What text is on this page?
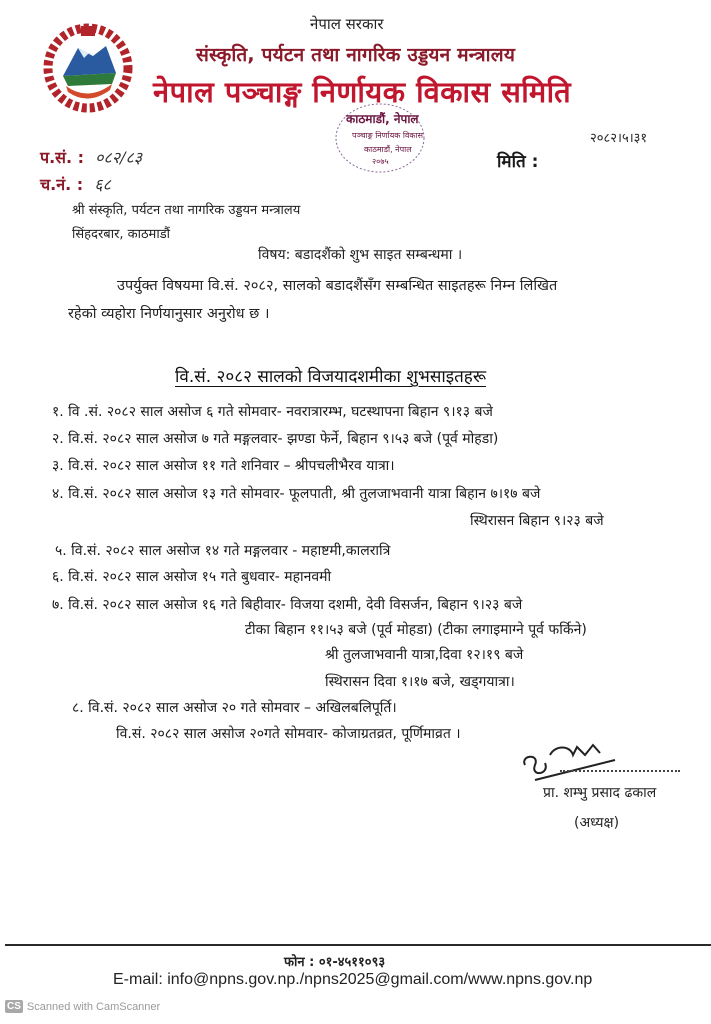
नेपाल सरकार
संस्कृति, पर्यटन तथा नागरिक उड्डयन मन्त्रालय
नेपाल पञ्चाङ्ग निर्णायक विकास समिति
काठमाडौं, नेपाल
पञ्चाङ्ग निर्णायक विकास
काठमाडौं, नेपाल
२०७५
२०८२।५।३१
प.सं. : ०८२/८३
च.नं. : ६८
मिति :
श्री संस्कृति, पर्यटन तथा नागरिक उड्डयन मन्त्रालय
सिंहदरबार, काठमाडौं
विषय: बडादशैंको शुभ साइत सम्बन्धमा ।
उपर्युक्त विषयमा वि.सं. २०८२, सालको बडादशैंसँग सम्बन्धित साइतहरू निम्न लिखित
रहेको व्यहोरा निर्णयानुसार अनुरोध छ ।
वि.सं. २०८२ सालको विजयादशमीका शुभसाइतहरू
१. वि .सं. २०८२ साल असोज ६ गते सोमवार- नवरात्रारम्भ, घटस्थापना बिहान ९।१३ बजे
२. वि.सं. २०८२ साल असोज ७ गते मङ्गलवार- झण्डा फेर्ने, बिहान ९।५३ बजे (पूर्व मोहडा)
३. वि.सं. २०८२ साल असोज ११ गते शनिवार – श्रीपचलीभैरव यात्रा।
४. वि.सं. २०८२ साल असोज १३ गते सोमवार- फूलपाती, श्री तुलजाभवानी यात्रा बिहान ७।१७ बजे
स्थिरासन बिहान ९।२३ बजे
५. वि.सं. २०८२ साल असोज १४ गते मङ्गलवार - महाष्टमी,कालरात्रि
६. वि.सं. २०८२ साल असोज १५ गते बुधवार- महानवमी
७. वि.सं. २०८२ साल असोज १६ गते बिहीवार- विजया दशमी, देवी विसर्जन, बिहान ९।२३ बजे
टीका बिहान ११।५३ बजे (पूर्व मोहडा) (टीका लगाइमाग्ने पूर्व फर्किने)
श्री तुलजाभवानी यात्रा,दिवा १२।१९ बजे
स्थिरासन दिवा १।१७ बजे, खड्गयात्रा।
८. वि.सं. २०८२ साल असोज २० गते सोमवार – अखिलबलिपूर्ति।
वि.सं. २०८२ साल असोज २०गते सोमवार- कोजाग्रतव्रत, पूर्णिमाव्रत ।
प्रा. शम्भु प्रसाद ढकाल
(अध्यक्ष)
फोन : ०१-४५११०९३
E-mail: info@npns.gov.np./npns2025@gmail.com/www.npns.gov.np
CS Scanned with CamScanner
